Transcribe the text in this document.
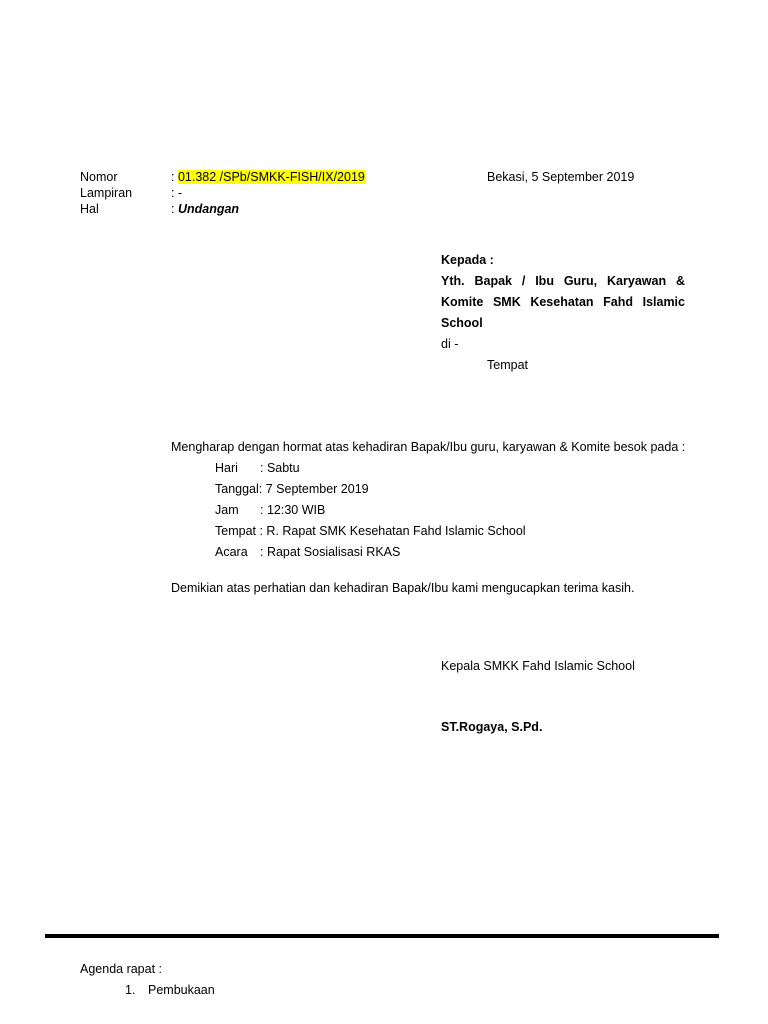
Nomor	: 01.382 /SPb/SMKK-FISH/IX/2019	Bekasi, 5 September 2019
Lampiran	: -
Hal	: Undangan
Kepada :
Yth. Bapak / Ibu Guru, Karyawan & Komite SMK Kesehatan Fahd Islamic School
di -
Tempat
Mengharap dengan hormat atas kehadiran Bapak/Ibu guru, karyawan & Komite besok pada :
Hari : Sabtu
Tanggal: 7 September 2019
Jam : 12:30 WIB
Tempat : R. Rapat SMK Kesehatan Fahd Islamic School
Acara : Rapat Sosialisasi RKAS
Demikian atas perhatian dan kehadiran Bapak/Ibu kami mengucapkan terima kasih.
Kepala SMKK Fahd Islamic School
ST.Rogaya, S.Pd.
Agenda rapat :
1. Pembukaan
